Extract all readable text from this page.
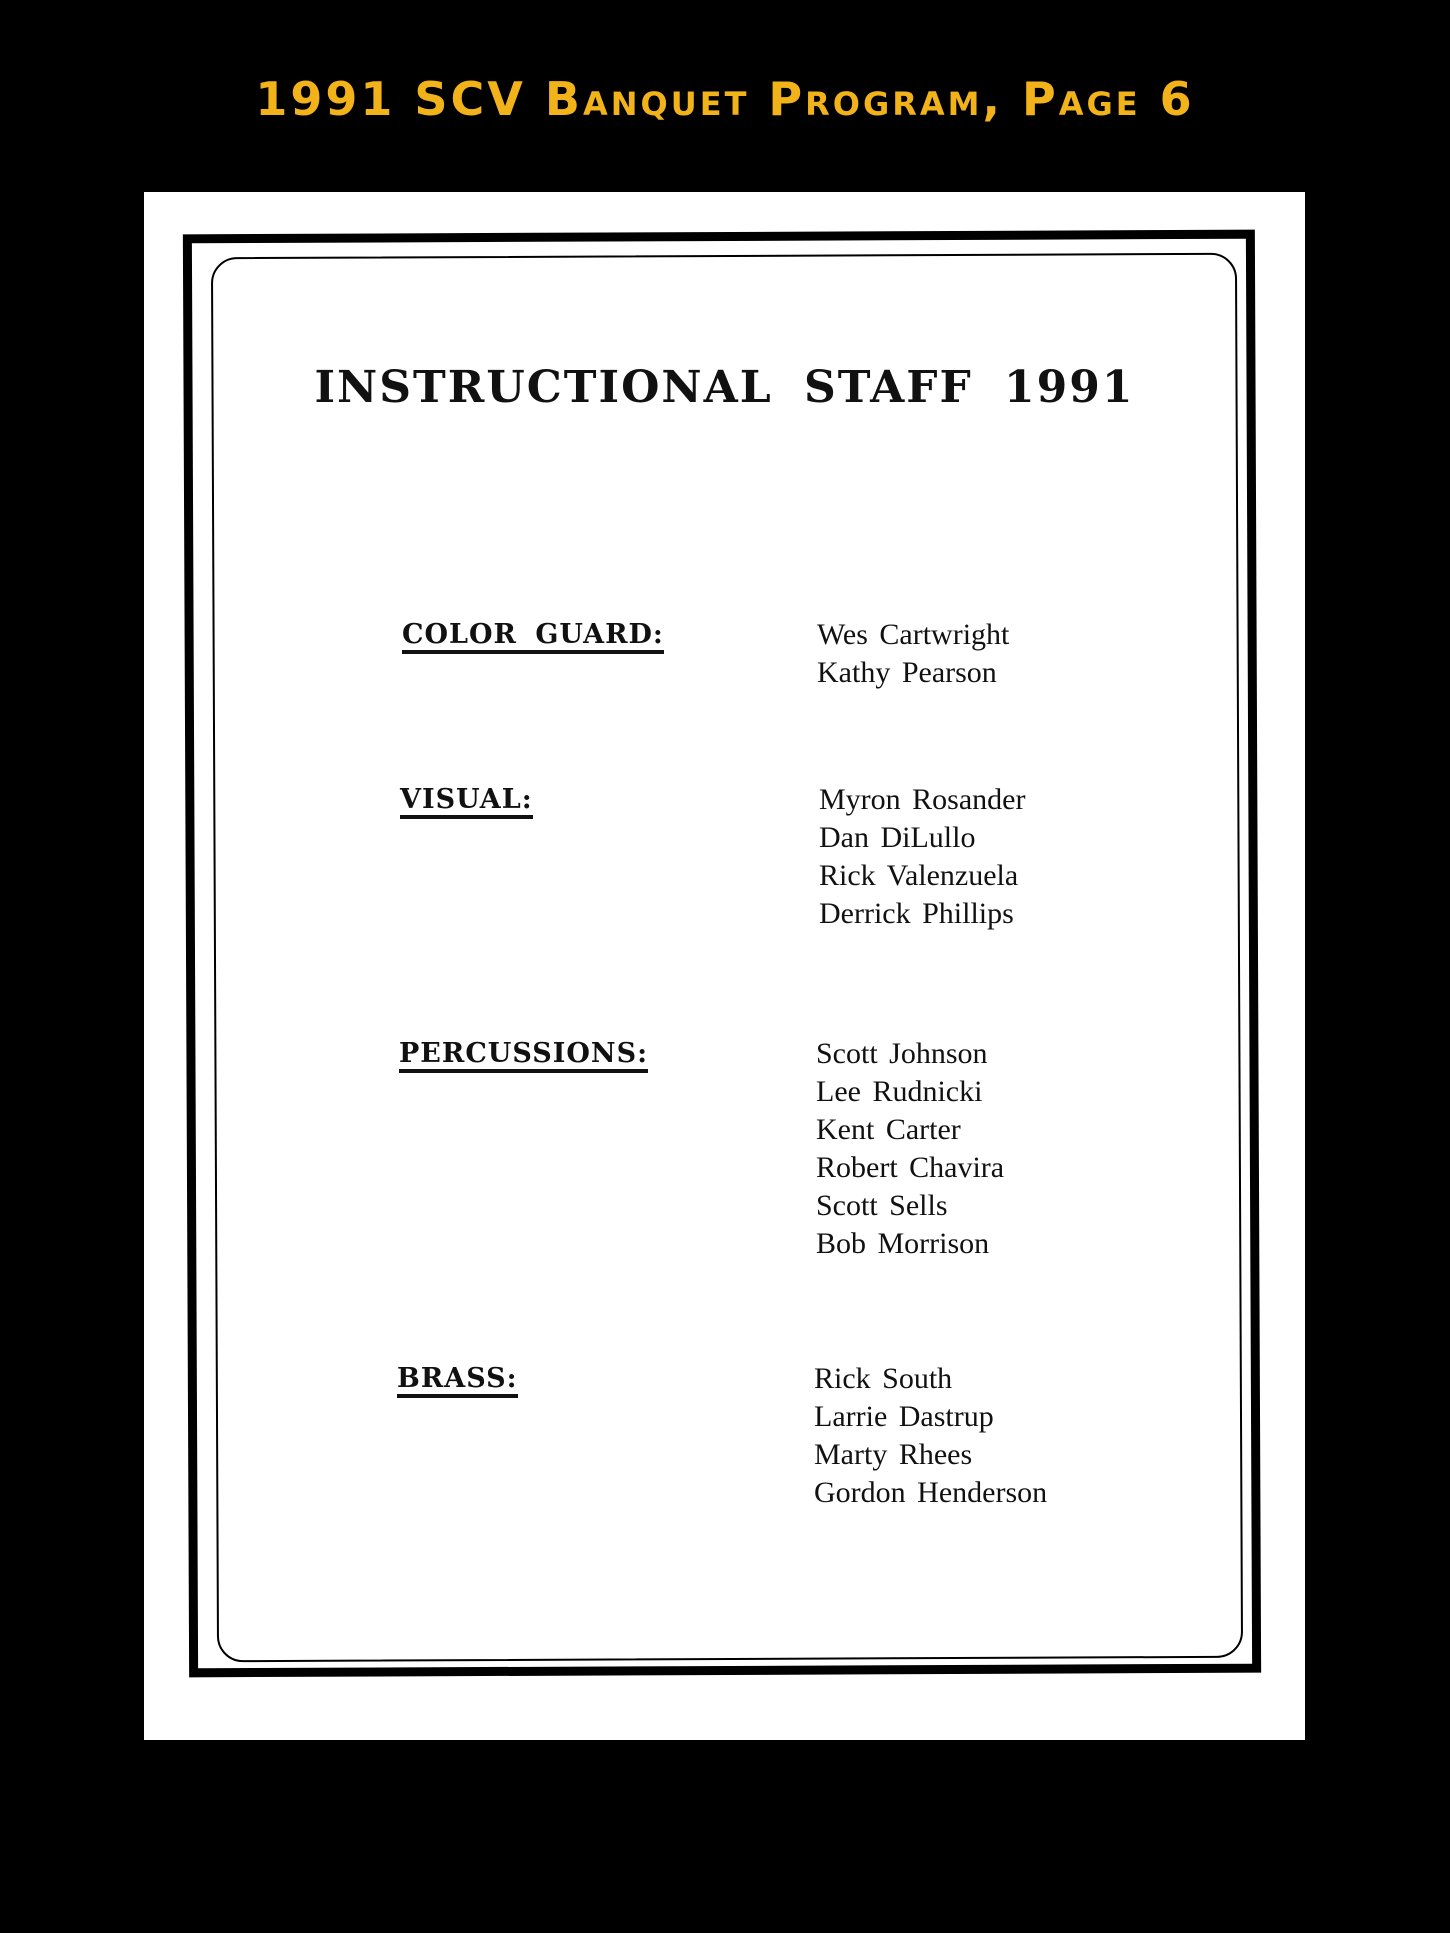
1991 SCV Banquet Program, Page 6
INSTRUCTIONAL STAFF 1991
COLOR GUARD:	Wes Cartwright
Kathy Pearson
VISUAL:	Myron Rosander
Dan DiLullo
Rick Valenzuela
Derrick Phillips
PERCUSSIONS:	Scott Johnson
Lee Rudnicki
Kent Carter
Robert Chavira
Scott Sells
Bob Morrison
BRASS:	Rick South
Larrie Dastrup
Marty Rhees
Gordon Henderson
